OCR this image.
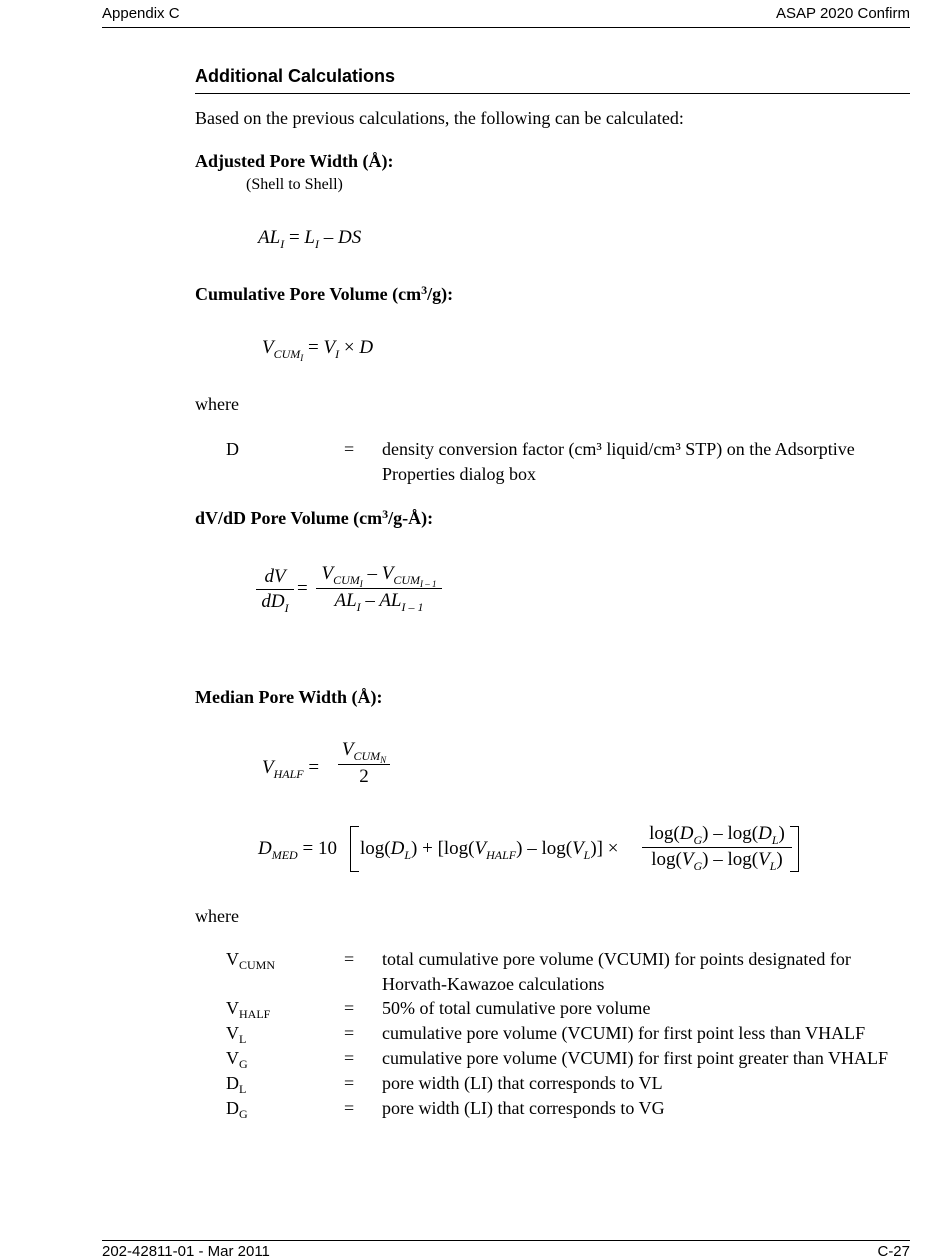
Appendix C	ASAP 2020 Confirm
Additional Calculations
Based on the previous calculations, the following can be calculated:
Adjusted Pore Width (Å):
(Shell to Shell)
$AL_I = L_I$ – DS
Cumulative Pore Volume $(cm^3/g)$:
$V_{CUM_I} = V_I \times D$
where
D	= density conversion factor (cm³ liquid/cm³ STP) on the Adsorptive Properties dialog box
dV/dD Pore Volume $(cm^3/g-Å)$:
dV
$dD_I$
=
$V_{CUM_I} - V_{CUM_{I - 1}}$
$AL_I - AL_{I - 1}$
Median Pore Width (Å):
$V_{HALF}$ =
$V_{CUM_N}$
2
$D_{MED} = 10$ $\log(D_L) + [\log(V_{HALF}) - \log(V_L)]$ ×
$\log(D_G) - \log(D_L)$
$\log(V_G) - \log(V_L)$
where
$V_{CUMN}$	= total cumulative pore volume (VCUMI) for points designated for Horvath-Kawazoe calculations
$V_{HALF}$	= 50% of total cumulative pore volume
$V_L$	= cumulative pore volume (VCUMI) for first point less than VHALF
$V_G$	= cumulative pore volume (VCUMI) for first point greater than VHALF
$D_L$	= pore width (LI) that corresponds to VL
$D_G$	= pore width (LI) that corresponds to VG
202-42811-01 - Mar 2011	C-27
